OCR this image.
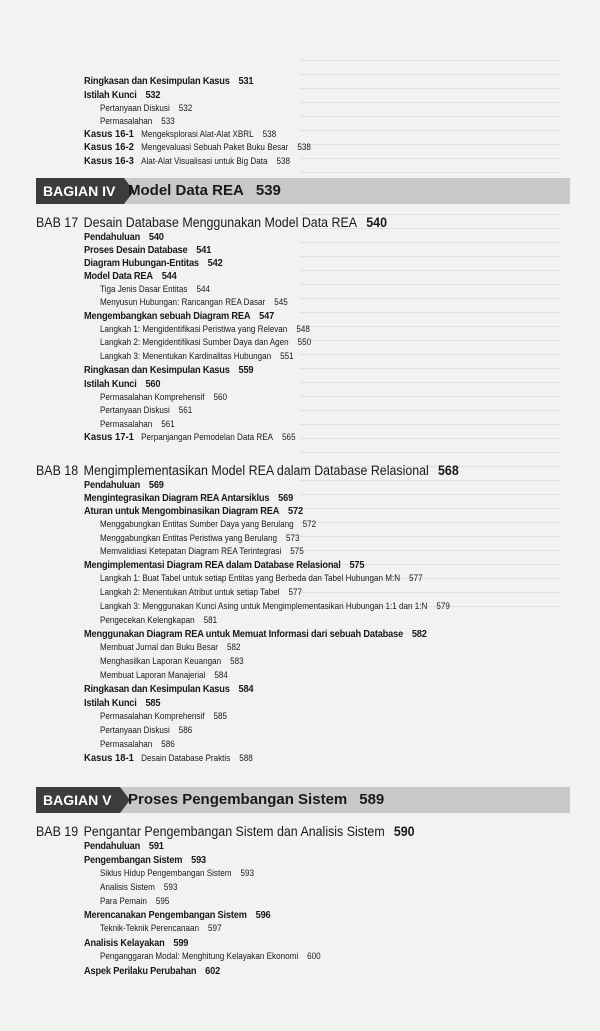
BAGIAN IV Model Data REA 539
BAGIAN V	Proses Pengembangan Sistem 589
Ringkasan dan Kesimpulan Kasus 531
Istilah Kunci 532
Pertanyaan Diskusi 532
Permasalahan 533
Kasus 16-1 Mengeksplorasi Alat-Alat XBRL 538
Kasus 16-2 Mengevaluasi Sebuah Paket Buku Besar 538
Kasus 16-3 Alat-Alat Visualisasi untuk Big Data 538
BAB 17 Desain Database Menggunakan Model Data REA 540
Pendahuluan 540
Proses Desain Database 541
Diagram Hubungan-Entitas 542
Model Data REA 544
Tiga Jenis Dasar Entitas 544
Menyusun Hubungan: Rancangan REA Dasar 545
Mengembangkan sebuah Diagram REA 547
Langkah 1: Mengidentifikasi Peristiwa yang Relevan 548
Langkah 2: Mengidentifikasi Sumber Daya dan Agen 550
Langkah 3: Menentukan Kardinalitas Hubungan 551
Ringkasan dan Kesimpulan Kasus 559
Istilah Kunci 560
Permasalahan Komprehensif 560
Pertanyaan Diskusi 561
Permasalahan 561
Kasus 17-1 Perpanjangan Pemodelan Data REA 565
BAB 18 Mengimplementasikan Model REA dalam Database Relasional 568
Pendahuluan 569
Mengintegrasikan Diagram REA Antarsiklus 569
Aturan untuk Mengombinasikan Diagram REA 572
Menggabungkan Entitas Sumber Daya yang Berulang 572
Menggabungkan Entitas Peristiwa yang Berulang 573
Memvalidiasi Ketepatan Diagram REA Terintegrasi 575
Mengimplementasi Diagram REA dalam Database Relasional 575
Langkah 1: Buat Tabel untuk setiap Entitas yang Berbeda dan Tabel Hubungan M:N 577
Langkah 2: Menentukan Atribut untuk setiap Tabel 577
Langkah 3: Menggunakan Kunci Asing untuk Mengimplementasikan Hubungan 1:1 dan 1:N 579
Pengecekan Kelengkapan 581
Menggunakan Diagram REA untuk Memuat Informasi dari sebuah Database 582
Membuat Jurnal dan Buku Besar 582
Menghasilkan Laporan Keuangan 583
Membuat Laporan Manajerial 584
Ringkasan dan Kesimpulan Kasus 584
Istilah Kunci 585
Permasalahan Komprehensif 585
Pertanyaan Diskusi 586
Permasalahan 586
Kasus 18-1 Desain Database Praktis 588
BAB 19 Pengantar Pengembangan Sistem dan Analisis Sistem 590
Pendahuluan 591
Pengembangan Sistem 593
Siklus Hidup Pengembangan Sistem 593
Analisis Sistem 593
Para Pemain 595
Merencanakan Pengembangan Sistem 596
Teknik-Teknik Perencanaan 597
Analisis Kelayakan 599
Penganggaran Modal: Menghitung Kelayakan Ekonomi 600
Aspek Perilaku Perubahan 602
